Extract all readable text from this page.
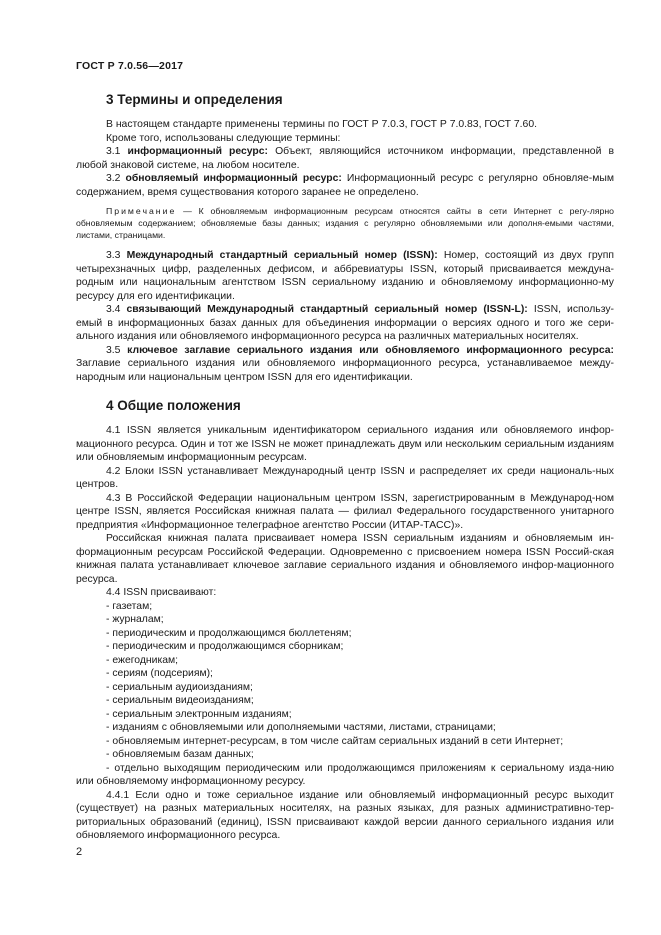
ГОСТ Р 7.0.56—2017
3 Термины и определения

В настоящем стандарте применены термины по ГОСТ Р 7.0.3, ГОСТ Р 7.0.83, ГОСТ 7.60.

Кроме того, использованы следующие термины:

3.1 информационный ресурс: Объект, являющийся источником информации, представленной в любой знаковой системе, на любом носителе.

3.2 обновляемый информационный ресурс: Информационный ресурс с регулярно обновляе-мым содержанием, время существования которого заранее не определено.

Примечание — К обновляемым информационным ресурсам относятся сайты в сети Интернет с регу-лярно обновляемым содержанием; обновляемые базы данных; издания с регулярно обновляемыми или дополня-емыми частями, листами, страницами.

3.3 Международный стандартный сериальный номер (ISSN): Номер, состоящий из двух групп четырехзначных цифр, разделенных дефисом, и аббревиатуры ISSN, который присваивается междуна-родным или национальным агентством ISSN сериальному изданию и обновляемому информационно-му ресурсу для его идентификации.

3.4 связывающий Международный стандартный сериальный номер (ISSN-L): ISSN, использу-емый в информационных базах данных для объединения информации о версиях одного и того же сери-ального издания или обновляемого информационного ресурса на различных материальных носителях.

3.5 ключевое заглавие сериального издания или обновляемого информационного ресурса: Заглавие сериального издания или обновляемого информационного ресурса, устанавливаемое между-народным или национальным центром ISSN для его идентификации.

4 Общие положения

4.1 ISSN является уникальным идентификатором сериального издания или обновляемого инфор-мационного ресурса. Один и тот же ISSN не может принадлежать двум или нескольким сериальным изданиям или обновляемым информационным ресурсам.

4.2 Блоки ISSN устанавливает Международный центр ISSN и распределяет их среди националь-ных центров.

4.3 В Российской Федерации национальным центром ISSN, зарегистрированным в Международ-ном центре ISSN, является Российская книжная палата — филиал Федерального государственного унитарного предприятия «Информационное телеграфное агентство России (ИТАР-ТАСС)».

Российская книжная палата присваивает номера ISSN сериальным изданиям и обновляемым ин-формационным ресурсам Российской Федерации. Одновременно с присвоением номера ISSN Россий-ская книжная палата устанавливает ключевое заглавие сериального издания и обновляемого инфор-мационного ресурса.

4.4 ISSN присваивают:

- газетам;

- журналам;

- периодическим и продолжающимся бюллетеням;

- периодическим и продолжающимся сборникам;

- ежегодникам;

- сериям (подсериям);

- сериальным аудиоизданиям;

- сериальным видеоизданиям;

- сериальным электронным изданиям;

- изданиям с обновляемыми или дополняемыми частями, листами, страницами;

- обновляемым интернет-ресурсам, в том числе сайтам сериальных изданий в сети Интернет;

- обновляемым базам данных;

- отдельно выходящим периодическим или продолжающимся приложениям к сериальному изда-нию или обновляемому информационному ресурсу.

4.4.1 Если одно и тоже сериальное издание или обновляемый информационный ресурс выходит (существует) на разных материальных носителях, на разных языках, для разных административно-тер-риториальных образований (единиц), ISSN присваивают каждой версии данного сериального издания или обновляемого информационного ресурса.

2
